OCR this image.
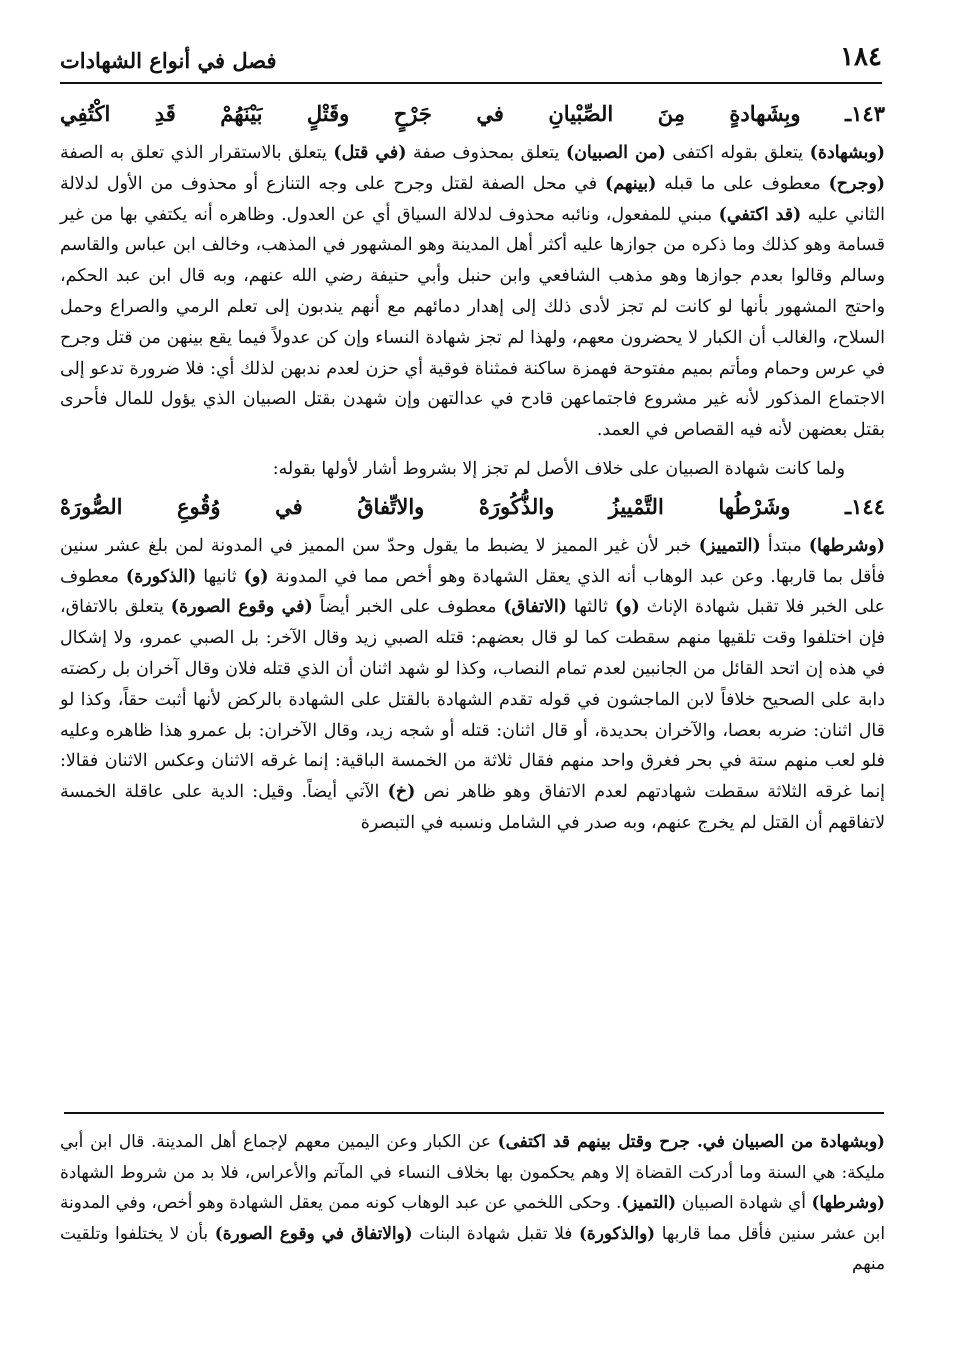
١٨٤
فصل في أنواع الشهادات
١٤٣ـ وبِشَهادةٍ مِنَ الصِّبْيانِ في جَرْحٍ وقَتْلٍ بَيْنَهُمْ قَدِ اكْتُفِي

(وبشهادة) يتعلق بقوله اكتفى (من الصبيان) يتعلق بمحذوف صفة (في قتل) يتعلق بالاستقرار الذي تعلق به الصفة (وجرح) معطوف على ما قبله (بينهم) في محل الصفة لقتل وجرح على وجه التنازع أو محذوف من الأول لدلالة الثاني عليه (قد اكتفي) مبني للمفعول، ونائبه محذوف لدلالة السياق أي عن العدول. وظاهره أنه يكتفي بها من غير قسامة وهو كذلك وما ذكره من جوازها عليه أكثر أهل المدينة وهو المشهور في المذهب، وخالف ابن عباس والقاسم وسالم وقالوا بعدم جوازها وهو مذهب الشافعي وابن حنبل وأبي حنيفة رضي الله عنهم، وبه قال ابن عبد الحكم، واحتج المشهور بأنها لو كانت لم تجز لأدى ذلك إلى إهدار دمائهم مع أنهم يندبون إلى تعلم الرمي والصراع وحمل السلاح، والغالب أن الكبار لا يحضرون معهم، ولهذا لم تجز شهادة النساء وإن كن عدولاً فيما يقع بينهن من قتل وجرح في عرس وحمام ومأتم بميم مفتوحة فهمزة ساكنة فمثناة فوقية أي حزن لعدم ندبهن لذلك أي: فلا ضرورة تدعو إلى الاجتماع المذكور لأنه غير مشروع فاجتماعهن قادح في عدالتهن وإن شهدن بقتل الصبيان الذي يؤول للمال فأحرى بقتل بعضهن لأنه فيه القصاص في العمد.

ولما كانت شهادة الصبيان على خلاف الأصل لم تجز إلا بشروط أشار لأولها بقوله:

١٤٤ـ وشَرْطُها التَّمْييزُ والذُّكُورَهْ والاتِّفاقُ في وُقُوعِ الصُّورَهْ

(وشرطها) مبتدأ (التمييز) خبر لأن غير المميز لا يضبط ما يقول وحدّ سن المميز في المدونة لمن بلغ عشر سنين فأقل بما قاربها. وعن عبد الوهاب أنه الذي يعقل الشهادة وهو أخص مما في المدونة (و) ثانيها (الذكورة) معطوف على الخبر فلا تقبل شهادة الإناث (و) ثالثها (الاتفاق) معطوف على الخبر أيضاً (في وقوع الصورة) يتعلق بالاتفاق، فإن اختلفوا وقت تلقيها منهم سقطت كما لو قال بعضهم: قتله الصبي زيد وقال الآخر: بل الصبي عمرو، ولا إشكال في هذه إن اتحد القائل من الجانبين لعدم تمام النصاب، وكذا لو شهد اثنان أن الذي قتله فلان وقال آخران بل ركضته دابة على الصحيح خلافاً لابن الماجشون في قوله تقدم الشهادة بالقتل على الشهادة بالركض لأنها أثبت حقاً، وكذا لو قال اثنان: ضربه بعصا، والآخران بحديدة، أو قال اثنان: قتله أو شجه زيد، وقال الآخران: بل عمرو هذا ظاهره وعليه فلو لعب منهم ستة في بحر فغرق واحد منهم فقال ثلاثة من الخمسة الباقية: إنما غرقه الاثنان وعكس الاثنان فقالا: إنما غرقه الثلاثة سقطت شهادتهم لعدم الاتفاق وهو ظاهر نص (خ) الآتي أيضاً. وقيل: الدية على عاقلة الخمسة لاتفاقهم أن القتل لم يخرج عنهم، وبه صدر في الشامل ونسبه في التبصرة

(وبشهادة من الصبيان في. جرح وقتل بينهم قد اكتفى) عن الكبار وعن اليمين معهم لإجماع أهل المدينة. قال ابن أبي مليكة: هي السنة وما أدركت القضاة إلا وهم يحكمون بها بخلاف النساء في المآتم والأعراس، فلا بد من شروط الشهادة (وشرطها) أي شهادة الصبيان (التميز). وحكى اللخمي عن عبد الوهاب كونه ممن يعقل الشهادة وهو أخص، وفي المدونة ابن عشر سنين فأقل مما قاربها (والذكورة) فلا تقبل شهادة البنات (والاتفاق في وقوع الصورة) بأن لا يختلفوا وتلقيت منهم
